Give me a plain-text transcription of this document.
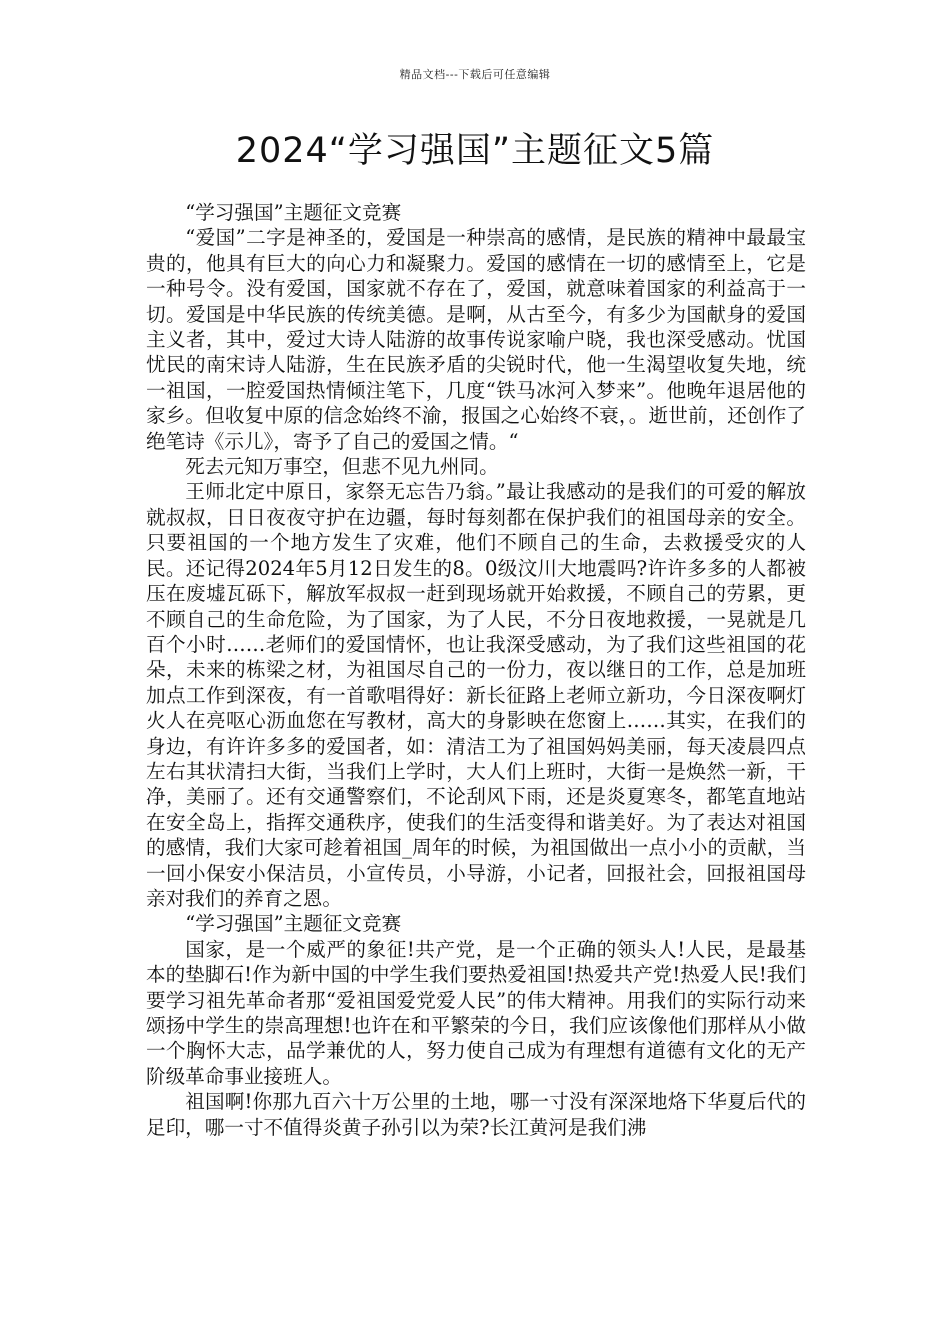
精品文档---下载后可任意编辑
2024“学习强国”主题征文5篇

“学习强国”主题征文竞赛

“爱国”二字是神圣的，爱国是一种崇高的感情，是民族的精神中最最宝贵的，他具有巨大的向心力和凝聚力。爱国的感情在一切的感情至上，它是一种号令。没有爱国，国家就不存在了，爱国，就意味着国家的利益高于一切。爱国是中华民族的传统美德。是啊，从古至今，有多少为国献身的爱国主义者，其中，爱过大诗人陆游的故事传说家喻户晓，我也深受感动。忧国忧民的南宋诗人陆游，生在民族矛盾的尖锐时代，他一生渴望收复失地，统一祖国，一腔爱国热情倾注笔下，几度“铁马冰河入梦来”。他晚年退居他的家乡。但收复中原的信念始终不渝，报国之心始终不衰，。逝世前，还创作了绝笔诗《示儿》，寄予了自己的爱国之情。“

死去元知万事空，但悲不见九州同。

王师北定中原日，家祭无忘告乃翁。”最让我感动的是我们的可爱的解放就叔叔，日日夜夜守护在边疆，每时每刻都在保护我们的祖国母亲的安全。只要祖国的一个地方发生了灾难，他们不顾自己的生命，去救援受灾的人民。还记得2024年5月12日发生的8。0级汶川大地震吗?许许多多的人都被压在废墟瓦砾下，解放军叔叔一赶到现场就开始救援，不顾自己的劳累，更不顾自己的生命危险，为了国家，为了人民，不分日夜地救援，一晃就是几百个小时……老师们的爱国情怀，也让我深受感动，为了我们这些祖国的花朵，未来的栋梁之材，为祖国尽自己的一份力，夜以继日的工作，总是加班加点工作到深夜，有一首歌唱得好：新长征路上老师立新功，今日深夜啊灯火人在亮呕心沥血您在写教材，高大的身影映在您窗上……其实，在我们的身边，有许许多多的爱国者，如：清洁工为了祖国妈妈美丽，每天凌晨四点左右其状清扫大街，当我们上学时，大人们上班时，大街一是焕然一新，干净，美丽了。还有交通警察们，不论刮风下雨，还是炎夏寒冬，都笔直地站在安全岛上，指挥交通秩序，使我们的生活变得和谐美好。为了表达对祖国的感情，我们大家可趁着祖国_周年的时候，为祖国做出一点小小的贡献，当一回小保安小保洁员，小宣传员，小导游，小记者，回报社会，回报祖国母亲对我们的养育之恩。

“学习强国”主题征文竞赛

国家，是一个威严的象征!共产党，是一个正确的领头人!人民，是最基本的垫脚石!作为新中国的中学生我们要热爱祖国!热爱共产党!热爱人民!我们要学习祖先革命者那“爱祖国爱党爱人民”的伟大精神。用我们的实际行动来颂扬中学生的崇高理想!也许在和平繁荣的今日，我们应该像他们那样从小做一个胸怀大志，品学兼优的人，努力使自己成为有理想有道德有文化的无产阶级革命事业接班人。

祖国啊!你那九百六十万公里的土地，哪一寸没有深深地烙下华夏后代的足印，哪一寸不值得炎黄子孙引以为荣?长江黄河是我们沸
